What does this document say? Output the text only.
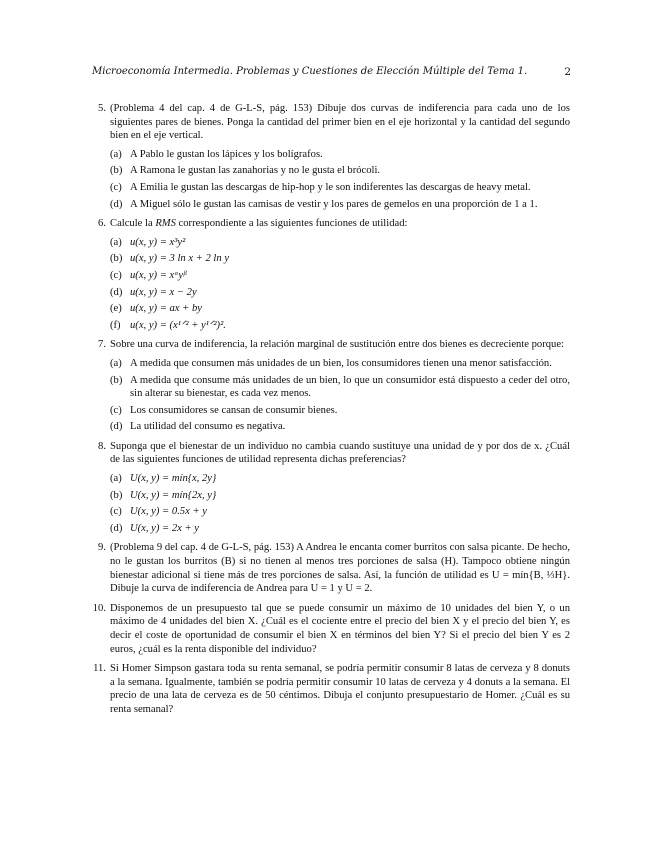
Microeconomía Intermedia. Problemas y Cuestiones de Elección Múltiple del Tema 1.	2
5. (Problema 4 del cap. 4 de G-L-S, pág. 153) Dibuje dos curvas de indiferencia para cada uno de los siguientes pares de bienes. Ponga la cantidad del primer bien en el eje horizontal y la cantidad del segundo bien en el eje vertical.
(a) A Pablo le gustan los lápices y los bolígrafos.
(b) A Ramona le gustan las zanahorias y no le gusta el brócoli.
(c) A Emilia le gustan las descargas de hip-hop y le son indiferentes las descargas de heavy metal.
(d) A Miguel sólo le gustan las camisas de vestir y los pares de gemelos en una proporción de 1 a 1.
6. Calcule la RMS correspondiente a las siguientes funciones de utilidad:
(a) u(x, y) = x³y²
(b) u(x, y) = 3 ln x + 2 ln y
(c) u(x, y) = xᵅyᵝ
(d) u(x, y) = x − 2y
(e) u(x, y) = ax + by
(f) u(x, y) = (x¹ᐟ² + y¹ᐟ²)².
7. Sobre una curva de indiferencia, la relación marginal de sustitución entre dos bienes es decreciente porque:
(a) A medida que consumen más unidades de un bien, los consumidores tienen una menor satisfacción.
(b) A medida que consume más unidades de un bien, lo que un consumidor está dispuesto a ceder del otro, sin alterar su bienestar, es cada vez menos.
(c) Los consumidores se cansan de consumir bienes.
(d) La utilidad del consumo es negativa.
8. Suponga que el bienestar de un individuo no cambia cuando sustituye una unidad de y por dos de x. ¿Cuál de las siguientes funciones de utilidad representa dichas preferencias?
(a) U(x, y) = mín{x, 2y}
(b) U(x, y) = mín{2x, y}
(c) U(x, y) = 0.5x + y
(d) U(x, y) = 2x + y
9. (Problema 9 del cap. 4 de G-L-S, pág. 153) A Andrea le encanta comer burritos con salsa picante. De hecho, no le gustan los burritos (B) si no tienen al menos tres porciones de salsa (H). Tampoco obtiene ningún bienestar adicional si tiene más de tres porciones de salsa. Así, la función de utilidad es U = mín{B, ⅓H}. Dibuje la curva de indiferencia de Andrea para U = 1 y U = 2.
10. Disponemos de un presupuesto tal que se puede consumir un máximo de 10 unidades del bien Y, o un máximo de 4 unidades del bien X. ¿Cuál es el cociente entre el precio del bien X y el precio del bien Y, es decir el coste de oportunidad de consumir el bien X en términos del bien Y? Si el precio del bien Y es 2 euros, ¿cuál es la renta disponible del individuo?
11. Si Homer Simpson gastara toda su renta semanal, se podría permitir consumir 8 latas de cerveza y 8 donuts a la semana. Igualmente, también se podría permitir consumir 10 latas de cerveza y 4 donuts a la semana. El precio de una lata de cerveza es de 50 céntimos. Dibuja el conjunto presupuestario de Homer. ¿Cuál es su renta semanal?
